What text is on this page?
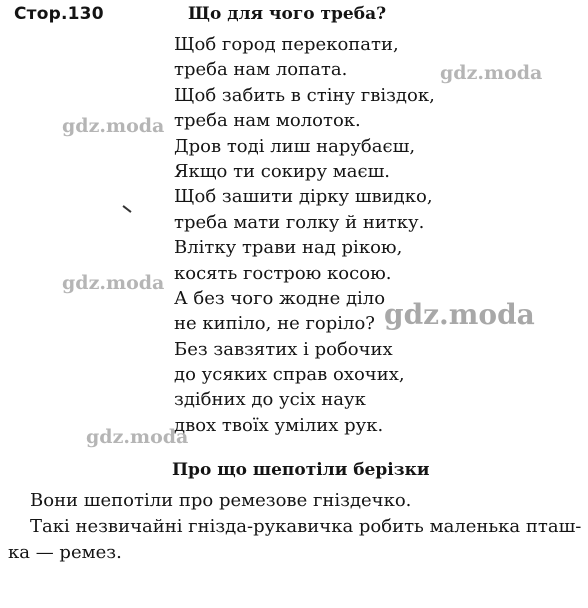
Стор.130	Що для чого треба?
Щоб город перекопати,
треба нам лопата.
Щоб забить в стіну гвіздок,
треба нам молоток.
Дров тоді лиш нарубаєш,
Якщо ти сокиру маєш.
Щоб зашити дірку швидко,
треба мати голку й нитку.
Влітку трави над рікою,
косять гострою косою.
А без чого жодне діло
не кипіло, не горіло?
Без завзятих і робочих
до усяких справ охочих,
здібних до усіх наук
двох твоїх умілих рук.
Про що шепотіли берізки
Вони шепотіли про ремезове гніздечко.
Такі незвичайні гнізда-рукавичка робить маленька пташ-
ка — ремез.
gdz.moda
gdz.moda
gdz.moda
gdz.moda
gdz.moda
